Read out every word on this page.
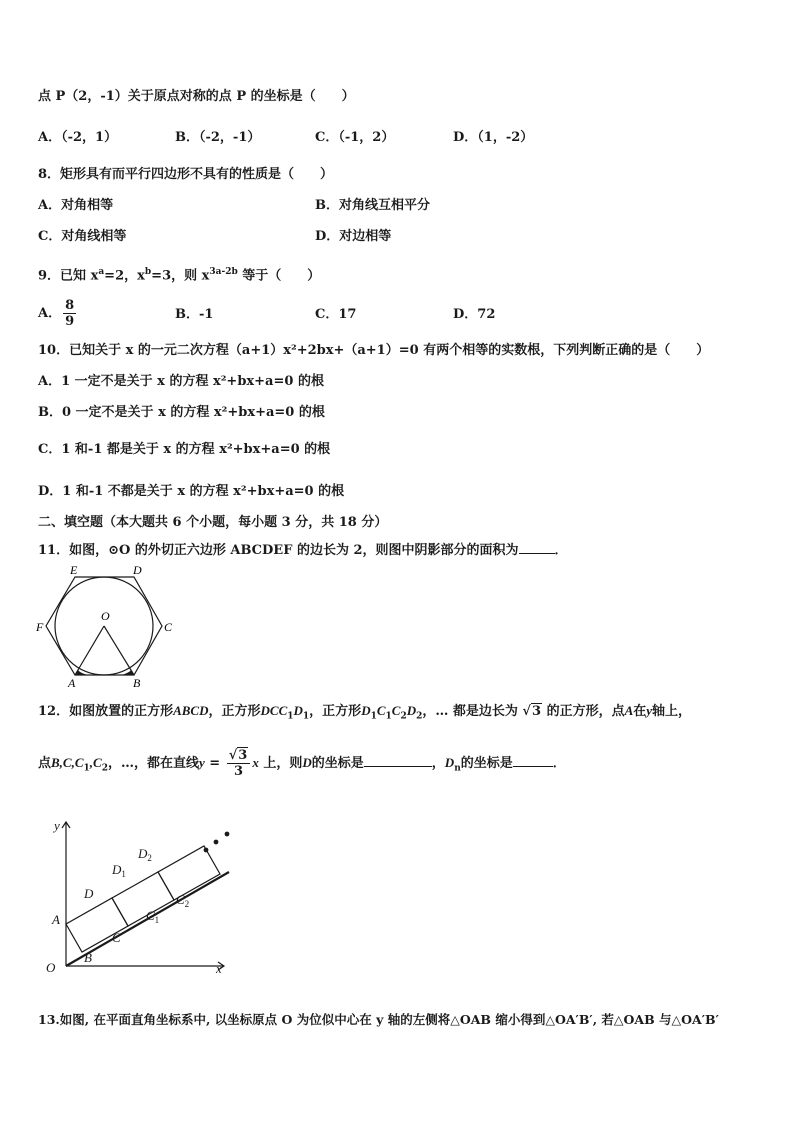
点 P（2，-1）关于原点对称的点 P 的坐标是（　　）
A．（-2，1）	B．（-2，-1）	C．（-1，2）	D．（1，-2）
8．矩形具有而平行四边形不具有的性质是（　　）
A．对角相等	B．对角线互相平分
C．对角线相等	D．对边相等
9．已知 $x^a=2$，$x^b=3$，则 $x^{3a-2b}$ 等于（　　）
A． $\frac{8}{9}$	B．-1	C．17	D．72
10．已知关于 x 的一元二次方程（a+1）x²+2bx+（a+1）=0 有两个相等的实数根，下列判断正确的是（　　）
A．1 一定不是关于 x 的方程 x²+bx+a=0 的根
B．0 一定不是关于 x 的方程 x²+bx+a=0 的根
C．1 和-1 都是关于 x 的方程 x²+bx+a=0 的根
D．1 和-1 不都是关于 x 的方程 x²+bx+a=0 的根
二、填空题（本大题共 6 个小题，每小题 3 分，共 18 分）
11．如图，⊙O 的外切正六边形 ABCDEF 的边长为 2，则图中阴影部分的面积为	．
E	D
F
O
C
A	B
12．如图放置的正方形ABCD，正方形$DCC_1D_1$，正方形$D_1C_1C_2D_2$，… 都是边长为 √3 的正方形，点A在y轴上，
点$B,C,C_1,C_2$，…，都在直线$y = \frac{√3}{3}$ x 上，则D的坐标是	，$D_n$的坐标是	．
y
x
O
A
B
C
D
$D_1$
$C_1$
$D_2$
$C_2$
13.如图, 在平面直角坐标系中, 以坐标原点 O 为位似中心在 y 轴的左侧将△OAB 缩小得到△OA′B′, 若△OAB 与△OA′B′
